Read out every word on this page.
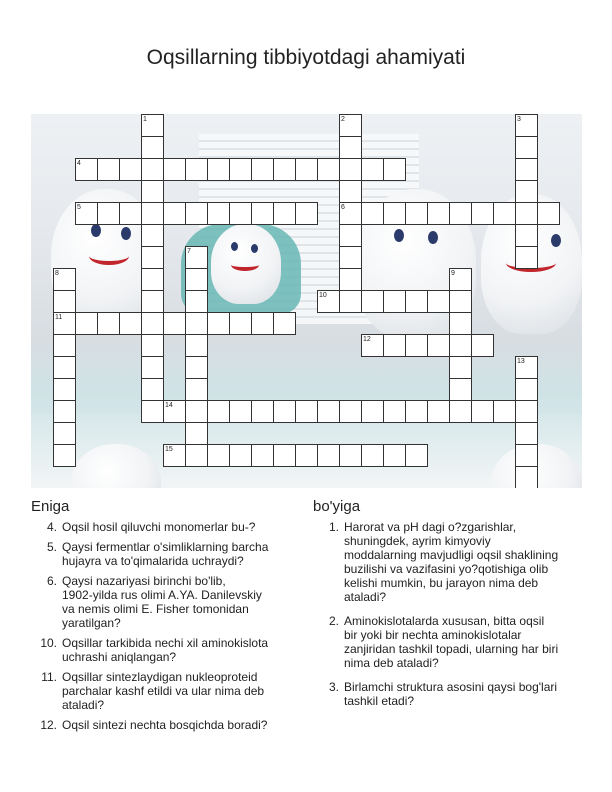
Oqsillarning tibbiyotdagi ahamiyati
1	2
6
3
4
5
7
8
11
9
10
12
13
14
15
Eniga	bo'yiga
4. Oqsil hosil qiluvchi monomerlar bu-?
5. Qaysi fermentlar o'simliklarning barcha
hujayra va to'qimalarida uchraydi?
6. Qaysi nazariyasi birinchi bo'lib,
1902-yilda rus olimi A.YA. Danilevskiy
va nemis olimi E. Fisher tomonidan
yaratilgan?
10. Oqsillar tarkibida nechi xil aminokislota
uchrashi aniqlangan?
11. Oqsillar sintezlaydigan nukleoproteid
parchalar kashf etildi va ular nima deb
ataladi?
12. Oqsil sintezi nechta bosqichda boradi?
1. Harorat va pH dagi o?zgarishlar,
shuningdek, ayrim kimyoviy
moddalarning mavjudligi oqsil shaklining
buzilishi va vazifasini yo?qotishiga olib
kelishi mumkin, bu jarayon nima deb
ataladi?
2. Aminokislotalarda xususan, bitta oqsil
bir yoki bir nechta aminokislotalar
zanjiridan tashkil topadi, ularning har biri
nima deb ataladi?
3. Birlamchi struktura asosini qaysi bog'lari
tashkil etadi?
